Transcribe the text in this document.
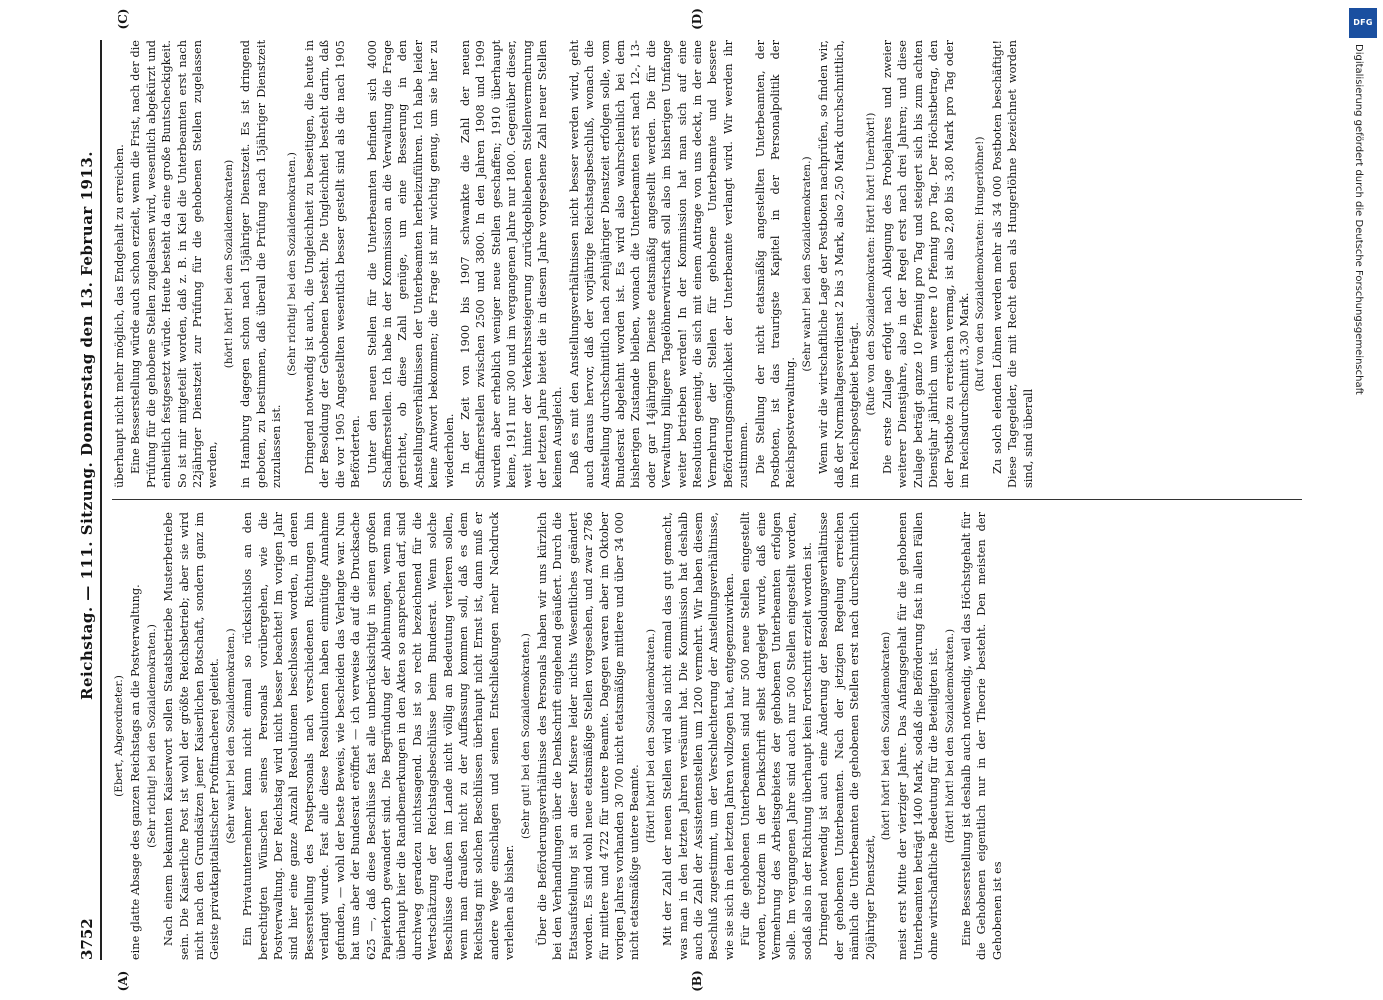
3752
Reichstag. — 111. Sitzung. Donnerstag den 13. Februar 1913.
(A)	(B)
(C)	(D)

(Ebert, Abgeordneter.) eine glatte Absage des ganzen Reichstags an die Postverwaltung. (Sehr richtig! bei den Sozialdemokraten.) Nach einem bekannten Kaiserwort sollen Staatsbetriebe Musterbetriebe sein. Die Kaiserliche Post ist wohl der größte Reichsbetrieb; aber sie wird nicht nach den Grundsätzen jener Kaiserlichen Botschaft, sondern ganz im Geiste privatkapitalistischer Profitmacherei geleitet. (Sehr wahr! bei den Sozialdemokraten.) Ein Privatunternehmer kann nicht einmal so rücksichtslos an den berechtigten Wünschen seines Personals vorübergehen, wie die Postverwaltung. Der Reichstag wird nicht besser beachtet! Im vorigen Jahr sind hier eine ganze Anzahl Resolutionen beschlossen worden, in denen Besserstellung des Postpersonals nach verschiedenen Richtungen hin verlangt wurde. Fast alle diese Resolutionen haben einmütige Annahme gefunden, — wohl der beste Beweis, wie bescheiden das Verlangte war. Nun hat uns aber der Bundesrat eröffnet — ich verweise da auf die Drucksache 625 —, daß diese Beschlüsse fast alle unberücksichtigt in seinen großen Papierkorb gewandert sind. Die Begründung der Ablehnungen, wenn man überhaupt hier die Randbemerkungen in den Akten so ansprechen darf, sind durchweg geradezu nichtssagend. Das ist so recht bezeichnend für die Wertschätzung der Reichstagsbeschlüsse beim Bundesrat. Wenn solche Beschlüsse draußen im Lande nicht völlig an Bedeutung verlieren sollen, wenn man draußen nicht zu der Auffassung kommen soll, daß es dem Reichstag mit solchen Beschlüssen überhaupt nicht Ernst ist, dann muß er andere Wege einschlagen und seinen Entschließungen mehr Nachdruck verleihen als bisher.

(Sehr gut! bei den Sozialdemokraten.) Über die Beförderungsverhältnisse des Personals haben wir uns kürzlich bei den Verhandlungen über die Denkschrift eingehend geäußert. Durch die Etatsaufstellung ist an dieser Misere leider nichts Wesentliches geändert worden. Es sind wohl neue etatsmäßige Stellen vorgesehen, und zwar 2786 für mittlere und 4722 für untere Beamte. Dagegen waren aber im Oktober vorigen Jahres vorhanden 30 700 nicht etatsmäßige mittlere und über 34 000 nicht etatsmäßige untere Beamte.

(Hört! hört! bei den Sozialdemokraten.) Mit der Zahl der neuen Stellen wird also nicht einmal das gut gemacht, was man in den letzten Jahren versäumt hat. Die Kommission hat deshalb auch die Zahl der Assistentenstellen um 1200 vermehrt. Wir haben diesem Beschluß zugestimmt, um der Verschlechterung der Anstellungsverhältnisse, wie sie sich in den letzten Jahren vollzogen hat, entgegenzuwirken. Für die gehobenen Unterbeamten sind nur 500 neue Stellen eingestellt worden, trotzdem in der Denkschrift selbst dargelegt wurde, daß eine Vermehrung des Arbeitsgebietes der gehobenen Unterbeamten erfolgen solle. Im vergangenen Jahre sind auch nur 500 Stellen eingestellt worden, sodaß also in der Richtung überhaupt kein Fortschritt erzielt worden ist. Dringend notwendig ist auch eine Änderung der Besoldungsverhältnisse der gehobenen Unterbeamten. Nach der jetzigen Regelung erreichen nämlich die Unterbeamten die gehobenen Stellen erst nach durchschnittlich 20jähriger Dienstzeit,

(hört! hört! bei den Sozialdemokraten) meist erst Mitte der vierziger Jahre. Das Anfangsgehalt für die gehobenen Unterbeamten beträgt 1400 Mark, sodaß die Beförderung fast in allen Fällen ohne wirtschaftliche Bedeutung für die Beteiligten ist. (Hört! hört! bei den Sozialdemokraten.) Eine Besserstellung ist deshalb auch notwendig, weil das Höchstgehalt für die Gehobenen eigentlich nur in der Theorie besteht. Den meisten der Gehobenen ist es

überhaupt nicht mehr möglich, das Endgehalt zu erreichen. Eine Besserstellung würde auch schon erzielt, wenn die Frist, nach der die Prüfung für die gehobene Stellen zugelassen wird, wesentlich abgekürzt und einheitlich festgesetzt würde. Heute besteht da eine große Buntscheckigkeit. So ist mir mitgeteilt worden, daß z. B. in Kiel die Unterbeamten erst nach 22jähriger Dienstzeit zur Prüfung für die gehobenen Stellen zugelassen werden,

(hört! hört! bei den Sozialdemokraten) in Hamburg dagegen schon nach 15jähriger Dienstzeit. Es ist dringend geboten, zu bestimmen, daß überall die Prüfung nach 15jähriger Dienstzeit zuzulassen ist.

(Sehr richtig! bei den Sozialdemokraten.) Dringend notwendig ist auch, die Ungleichheit zu beseitigen, die heute in der Besoldung der Gehobenen besteht. Die Ungleichheit besteht darin, daß die vor 1905 Angestellten wesentlich besser gestellt sind als die nach 1905 Beförderten. Unter den neuen Stellen für die Unterbeamten befinden sich 4000 Schaffnerstellen. Ich habe in der Kommission an die Verwaltung die Frage gerichtet, ob diese Zahl genüge, um eine Besserung in den Anstellungsverhältnissen der Unterbeamten herbeizuführen. Ich habe leider keine Antwort bekommen; die Frage ist mir wichtig genug, um sie hier zu wiederholen. In der Zeit von 1900 bis 1907 schwankte die Zahl der neuen Schaffnerstellen zwischen 2500 und 3800. In den Jahren 1908 und 1909 wurden aber erheblich weniger neue Stellen geschaffen; 1910 überhaupt keine, 1911 nur 300 und im vergangenen Jahre nur 1800. Gegenüber dieser, weit hinter der Verkehrssteigerung zurückgebliebenen Stellenvermehrung der letzten Jahre bietet die in diesem Jahre vorgesehene Zahl neuer Stellen keinen Ausgleich. Daß es mit den Anstellungsverhältnissen nicht besser werden wird, geht auch daraus hervor, daß der vorjährige Reichstagsbeschluß, wonach die Anstellung durchschnittlich nach zehnjähriger Dienstzeit erfolgen solle, vom Bundesrat abgelehnt worden ist. Es wird also wahrscheinlich bei dem bisherigen Zustande bleiben, wonach die Unterbeamten erst nach 12-, 13- oder gar 14jährigem Dienste etatsmäßig angestellt werden. Die für die Verwaltung billigere Tagelöhnerwirtschaft soll also im bisherigen Umfange weiter betrieben werden! In der Kommission hat man sich auf eine Resolution geeinigt, die sich mit einem Antrage von uns deckt, in der eine Vermehrung der Stellen für gehobene Unterbeamte und bessere Beförderungsmöglichkeit der Unterbeamte verlangt wird. Wir werden ihr zustimmen. Die Stellung der nicht etatsmäßig angestellten Unterbeamten, der Postboten, ist das traurigste Kapitel in der Personalpolitik der Reichspostverwaltung.

(Sehr wahr! bei den Sozialdemokraten.) Wenn wir die wirtschaftliche Lage der Postboten nachprüfen, so finden wir, daß der Normaltagesverdienst 2 bis 3 Mark, also 2,50 Mark durchschnittlich, im Reichspostgebiet beträgt. (Rufe von den Sozialdemokraten: Hört! hört! Unerhört!) Die erste Zulage erfolgt nach Ablegung des Probejahres und zweier weiterer Dienstjahre, also in der Regel erst nach drei Jahren; und diese Zulage beträgt ganze 10 Pfennig pro Tag und steigert sich bis zum achten Dienstjahr jährlich um weitere 10 Pfennig pro Tag. Der Höchstbetrag, den der Postbote zu erreichen vermag, ist also 2,80 bis 3,80 Mark pro Tag oder im Reichsdurchschnitt 3,30 Mark. (Ruf von den Sozialdemokraten: Hungerlöhne!) Zu solch elenden Löhnen werden mehr als 34 000 Postboten beschäftigt! Diese Tagegelder, die mit Recht eben als Hungerlöhne bezeichnet worden sind, sind überall

DFG
Digitalisierung gefördert durch die Deutsche Forschungsgemeinschaft
